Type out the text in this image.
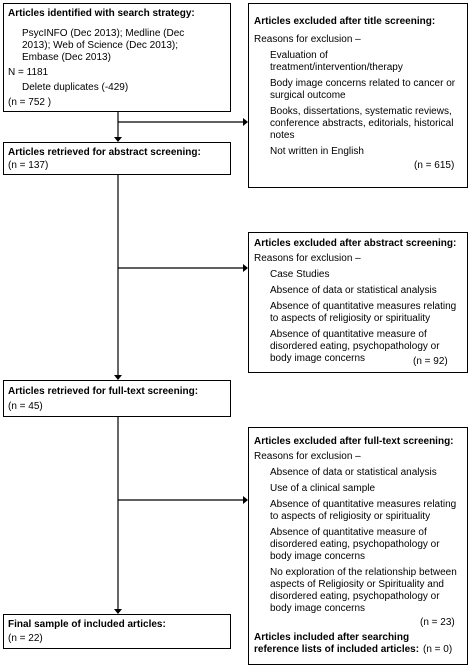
Articles identified with search strategy:
PsycINFO (Dec 2013); Medline (Dec
2013); Web of Science (Dec 2013);
Embase (Dec 2013)
N = 1181
Delete duplicates (-429)
(n = 752 )
Articles excluded after title screening:
Reasons for exclusion –
Evaluation of
treatment/intervention/therapy
Body image concerns related to cancer or
surgical outcome
Books, dissertations, systematic reviews,
conference abstracts, editorials, historical
notes
Not written in English
(n = 615)
Articles retrieved for abstract screening:
(n = 137)
Articles excluded after abstract screening:
Reasons for exclusion –
Case Studies
Absence of data or statistical analysis
Absence of quantitative measures relating
to aspects of religiosity or spirituality
Absence of quantitative measure of
disordered eating, psychopathology or
body image concerns	(n = 92)
Articles retrieved for full-text screening:
(n = 45)
Articles excluded after full-text screening:
Reasons for exclusion –
Absence of data or statistical analysis
Use of a clinical sample
Absence of quantitative measures relating
to aspects of religiosity or spirituality
Absence of quantitative measure of
disordered eating, psychopathology or
body image concerns
No exploration of the relationship between
aspects of Religiosity or Spirituality and
disordered eating, psychopathology or
body image concerns
(n = 23)
Articles included after searching
reference lists of included articles: (n = 0)
Final sample of included articles:
(n = 22)
